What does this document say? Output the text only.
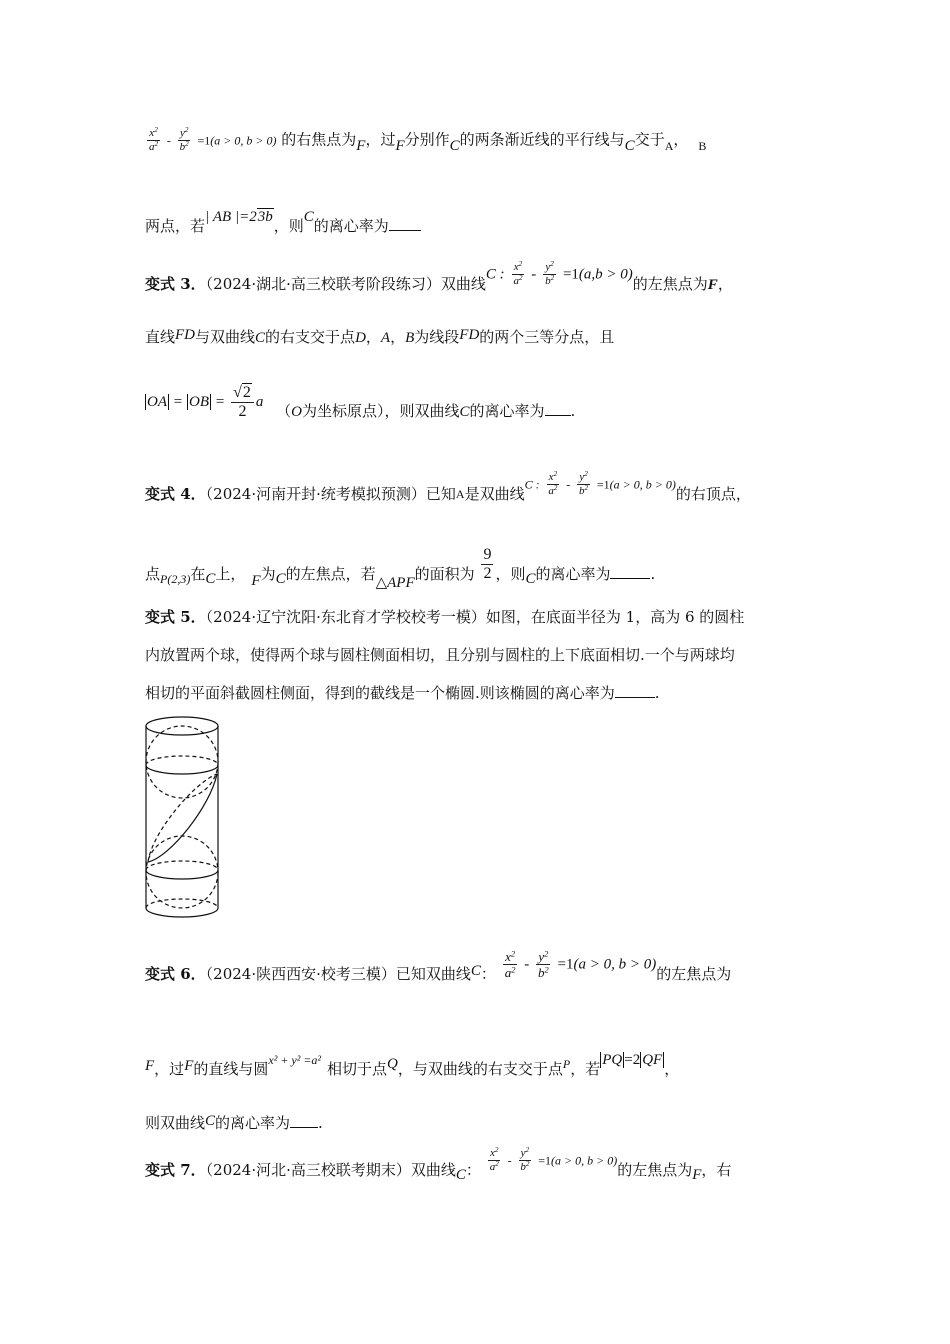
$\frac{x^2}{a^2} - \frac{y^2}{b^2} =1(a > 0$, b > 0) 的右焦点为F，过F分别作C的两条渐近线的平行线与C交于$_A$， $_B$
两点，若| AB |=23b，则C的离心率为
变式 3．（2024·湖北·高三校联考阶段练习）双曲线C : $\frac{x^2}{a^2} - \frac{y^2}{b^2} =1(a,b > 0)$的左焦点为F，
直线FD与双曲线C的右支交于点D，A，B为线段FD的两个三等分点，且
OA = OB = $\frac{√2}{2}$ a （O为坐标原点），则双曲线C的离心率为 .
变式 4．（2024·河南开封·统考模拟预测）已知$_A$是双曲线C : $\frac{x^2}{a^2} - \frac{y^2}{b^2} =1(a > 0$, b > 0)的右顶点，
点$_{P(2,3)}$在C上， F为C的左焦点，若△APF的面积为 $\frac{9}{2}$ ，则C的离心率为	.
变式 5．（2024·辽宁沈阳·东北育才学校校考一模）如图，在底面半径为 1，高为 6 的圆柱
内放置两个球，使得两个球与圆柱侧面相切，且分别与圆柱的上下底面相切.一个与两球均
相切的平面斜截圆柱侧面，得到的截线是一个椭圆.则该椭圆的离心率为	.
变式 6．（2024·陕西西安·校考三模）已知双曲线C： $\frac{x^2}{a^2} - \frac{y^2}{b^2} =1(a > 0$, b > 0)的左焦点为
F，过F的直线与圆x² + y² =a² 相切于点Q，与双曲线的右支交于点$_P$，若 PQ =2 QF ，
则双曲线C的离心率为 .
变式 7．（2024·河北·高三校联考期末）双曲线C： $\frac{x^2}{a^2} - \frac{y^2}{b^2} =1(a > 0$, b > 0)的左焦点为F，右
